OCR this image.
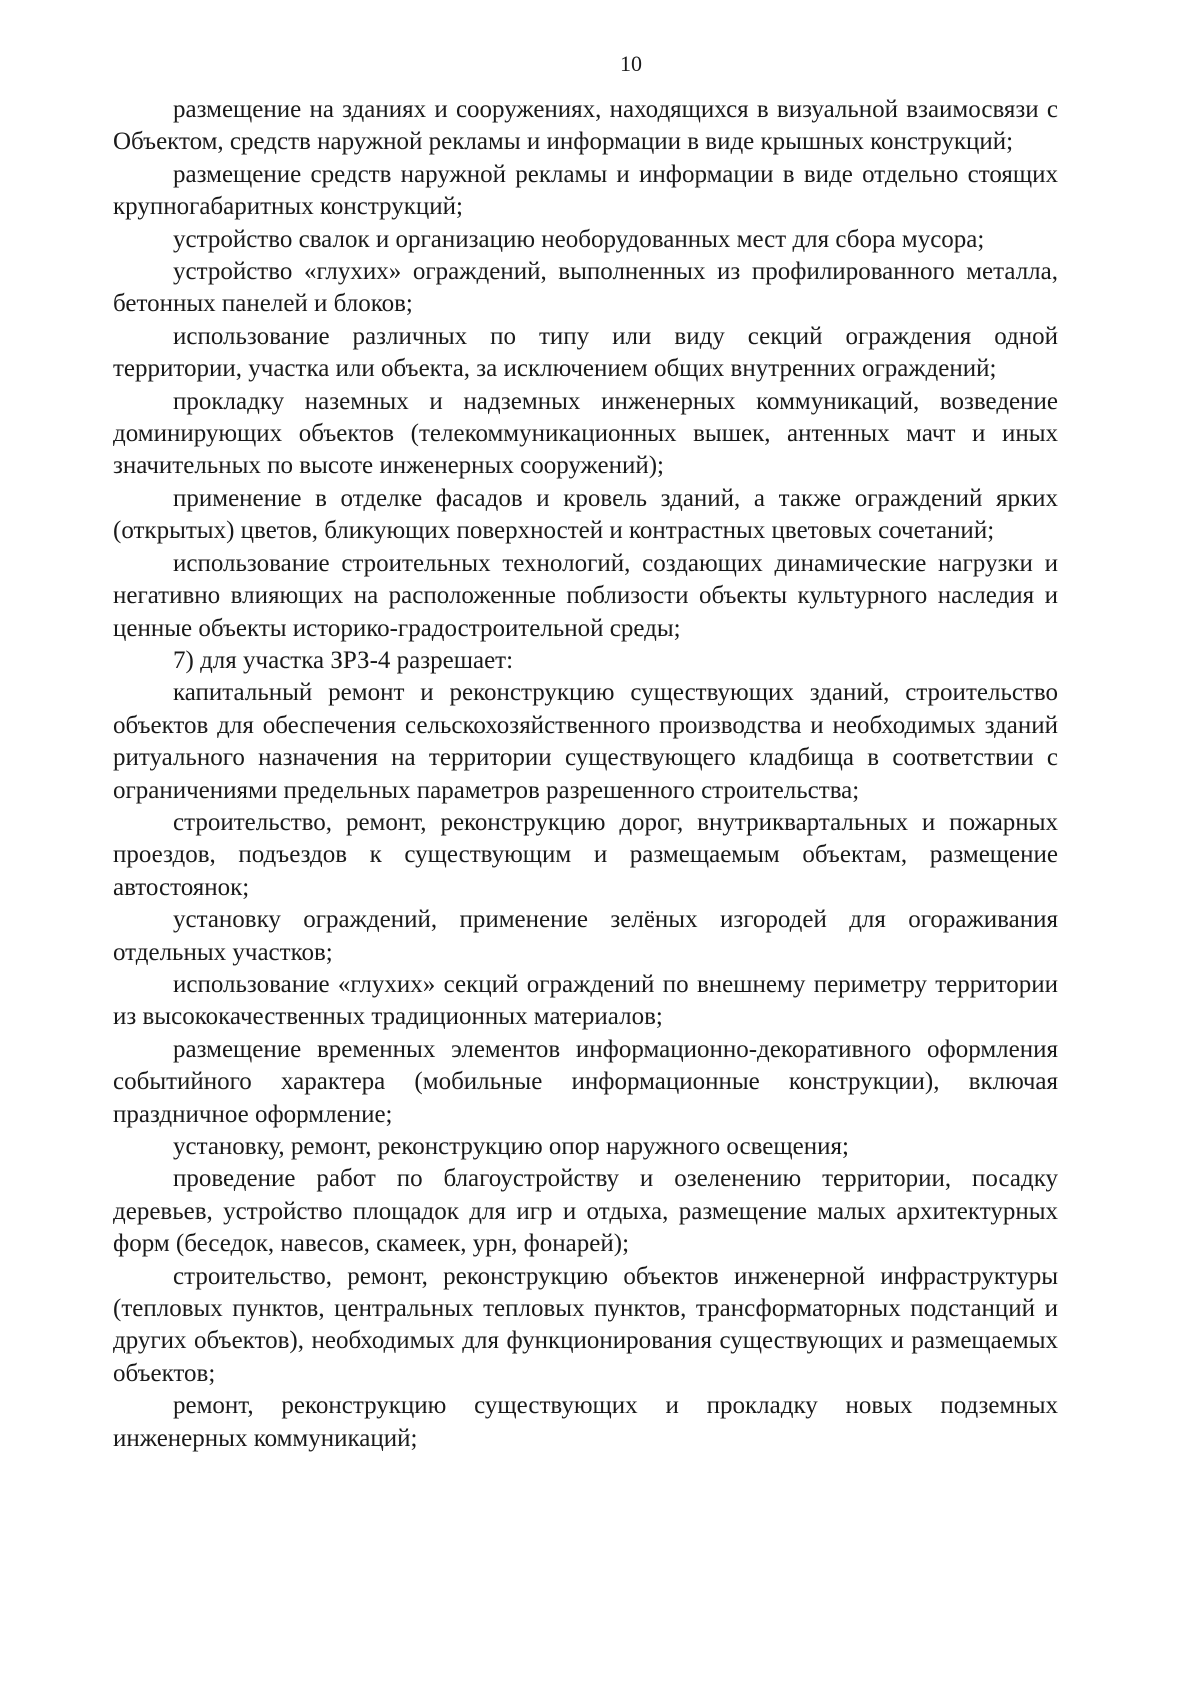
10

размещение на зданиях и сооружениях, находящихся в визуальной взаимосвязи с Объектом, средств наружной рекламы и информации в виде крышных конструкций;

размещение средств наружной рекламы и информации в виде отдельно стоящих крупногабаритных конструкций;

устройство свалок и организацию необорудованных мест для сбора мусора;

устройство «глухих» ограждений, выполненных из профилированного металла, бетонных панелей и блоков;

использование различных по типу или виду секций ограждения одной территории, участка или объекта, за исключением общих внутренних ограждений;

прокладку наземных и надземных инженерных коммуникаций, возведение доминирующих объектов (телекоммуникационных вышек, антенных мачт и иных значительных по высоте инженерных сооружений);

применение в отделке фасадов и кровель зданий, а также ограждений ярких (открытых) цветов, бликующих поверхностей и контрастных цветовых сочетаний;

использование строительных технологий, создающих динамические нагрузки и негативно влияющих на расположенные поблизости объекты культурного наследия и ценные объекты историко-градостроительной среды;

7) для участка ЗРЗ-4 разрешает:

капитальный ремонт и реконструкцию существующих зданий, строительство объектов для обеспечения сельскохозяйственного производства и необходимых зданий ритуального назначения на территории существующего кладбища в соответствии с ограничениями предельных параметров разрешенного строительства;

строительство, ремонт, реконструкцию дорог, внутриквартальных и пожарных проездов, подъездов к существующим и размещаемым объектам, размещение автостоянок;

установку ограждений, применение зелёных изгородей для огораживания отдельных участков;

использование «глухих» секций ограждений по внешнему периметру территории из высококачественных традиционных материалов;

размещение временных элементов информационно-декоративного оформления событийного характера (мобильные информационные конструкции), включая праздничное оформление;

установку, ремонт, реконструкцию опор наружного освещения;

проведение работ по благоустройству и озеленению территории, посадку деревьев, устройство площадок для игр и отдыха, размещение малых архитектурных форм (беседок, навесов, скамеек, урн, фонарей);

строительство, ремонт, реконструкцию объектов инженерной инфраструктуры (тепловых пунктов, центральных тепловых пунктов, трансформаторных подстанций и других объектов), необходимых для функционирования существующих и размещаемых объектов;

ремонт, реконструкцию существующих и прокладку новых подземных инженерных коммуникаций;
